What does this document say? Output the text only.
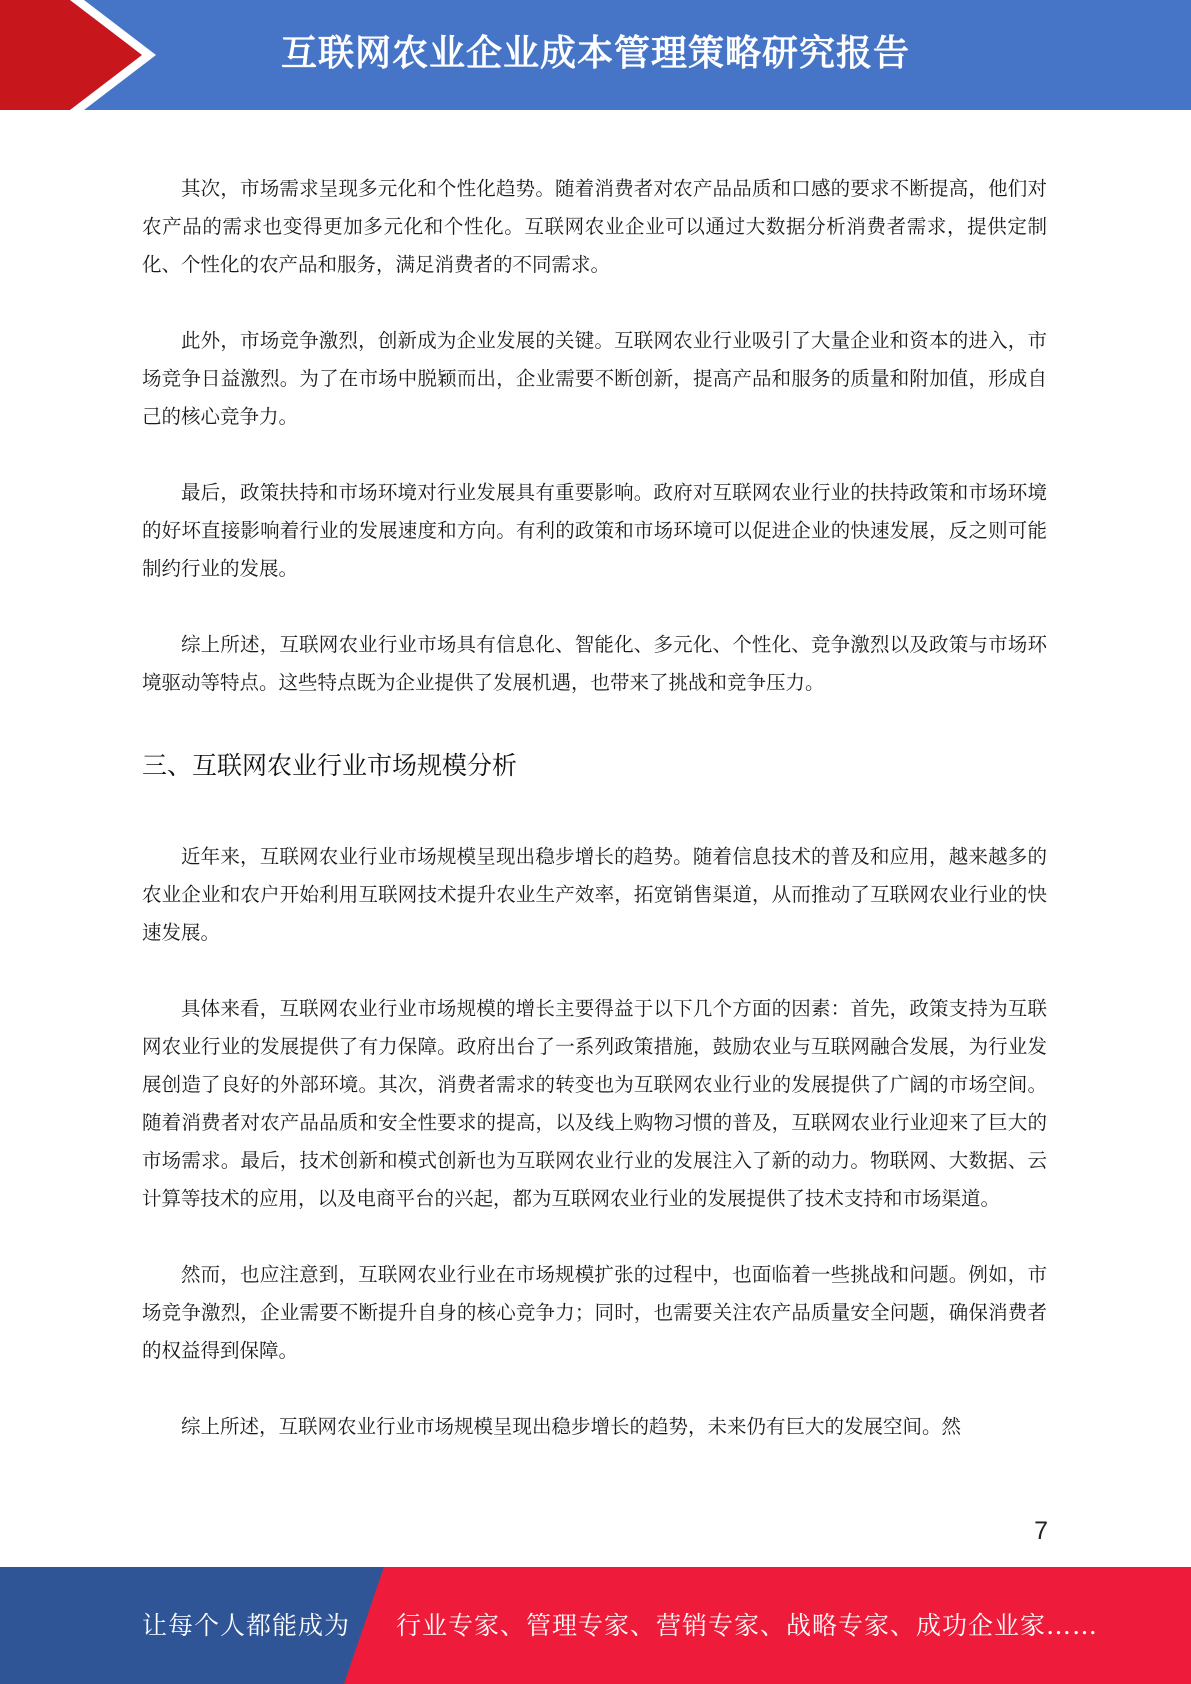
互联网农业企业成本管理策略研究报告

其次，市场需求呈现多元化和个性化趋势。随着消费者对农产品品质和口感的要求不断提高，他们对农产品的需求也变得更加多元化和个性化。互联网农业企业可以通过大数据分析消费者需求，提供定制化、个性化的农产品和服务，满足消费者的不同需求。

此外，市场竞争激烈，创新成为企业发展的关键。互联网农业行业吸引了大量企业和资本的进入，市场竞争日益激烈。为了在市场中脱颖而出，企业需要不断创新，提高产品和服务的质量和附加值，形成自己的核心竞争力。

最后，政策扶持和市场环境对行业发展具有重要影响。政府对互联网农业行业的扶持政策和市场环境的好坏直接影响着行业的发展速度和方向。有利的政策和市场环境可以促进企业的快速发展，反之则可能制约行业的发展。

综上所述，互联网农业行业市场具有信息化、智能化、多元化、个性化、竞争激烈以及政策与市场环境驱动等特点。这些特点既为企业提供了发展机遇，也带来了挑战和竞争压力。

三、互联网农业行业市场规模分析

近年来，互联网农业行业市场规模呈现出稳步增长的趋势。随着信息技术的普及和应用，越来越多的农业企业和农户开始利用互联网技术提升农业生产效率，拓宽销售渠道，从而推动了互联网农业行业的快速发展。

具体来看，互联网农业行业市场规模的增长主要得益于以下几个方面的因素：首先，政策支持为互联网农业行业的发展提供了有力保障。政府出台了一系列政策措施，鼓励农业与互联网融合发展，为行业发展创造了良好的外部环境。其次，消费者需求的转变也为互联网农业行业的发展提供了广阔的市场空间。随着消费者对农产品品质和安全性要求的提高，以及线上购物习惯的普及，互联网农业行业迎来了巨大的市场需求。最后，技术创新和模式创新也为互联网农业行业的发展注入了新的动力。物联网、大数据、云计算等技术的应用，以及电商平台的兴起，都为互联网农业行业的发展提供了技术支持和市场渠道。

然而，也应注意到，互联网农业行业在市场规模扩张的过程中，也面临着一些挑战和问题。例如，市场竞争激烈，企业需要不断提升自身的核心竞争力；同时，也需要关注农产品质量安全问题，确保消费者的权益得到保障。

综上所述，互联网农业行业市场规模呈现出稳步增长的趋势，未来仍有巨大的发展空间。然

7
让每个人都能成为 行业专家、管理专家、营销专家、战略专家、成功企业家……
